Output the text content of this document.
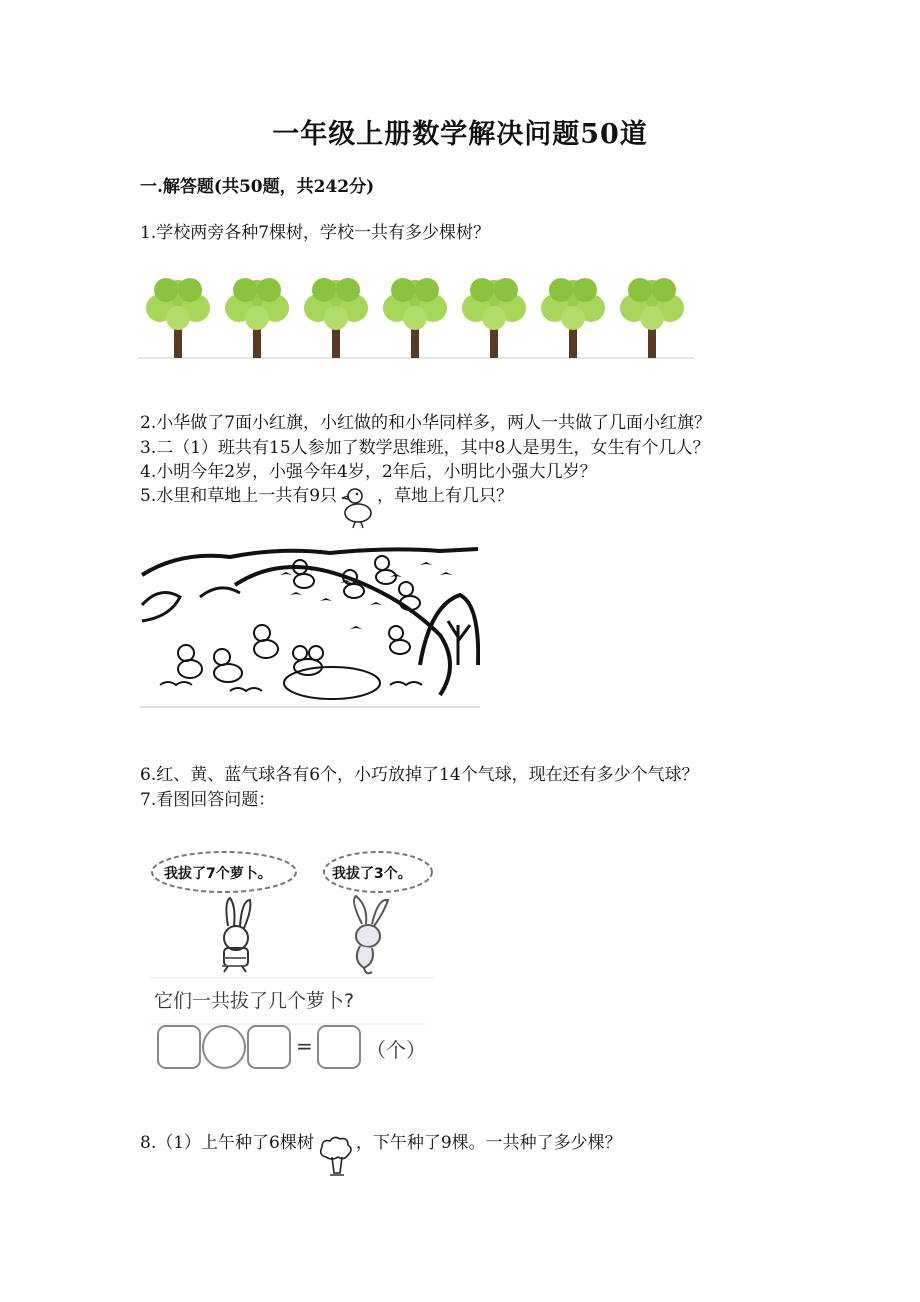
一年级上册数学解决问题50道
一.解答题(共50题，共242分)
1.学校两旁各种7棵树，学校一共有多少棵树？
2.小华做了7面小红旗，小红做的和小华同样多，两人一共做了几面小红旗？
3.二（1）班共有15人参加了数学思维班，其中8人是男生，女生有个几人？
4.小明今年2岁，小强今年4岁，2年后，小明比小强大几岁？
5.水里和草地上一共有9只 ，草地上有几只？
6.红、黄、蓝气球各有6个，小巧放掉了14个气球，现在还有多少个气球？
7.看图回答问题：
我拔了7个萝卜。	我拔了3个。
它们一共拔了几个萝卜?
=	（个）
8.（1）上午种了6棵树 ，下午种了9棵。一共种了多少棵？
